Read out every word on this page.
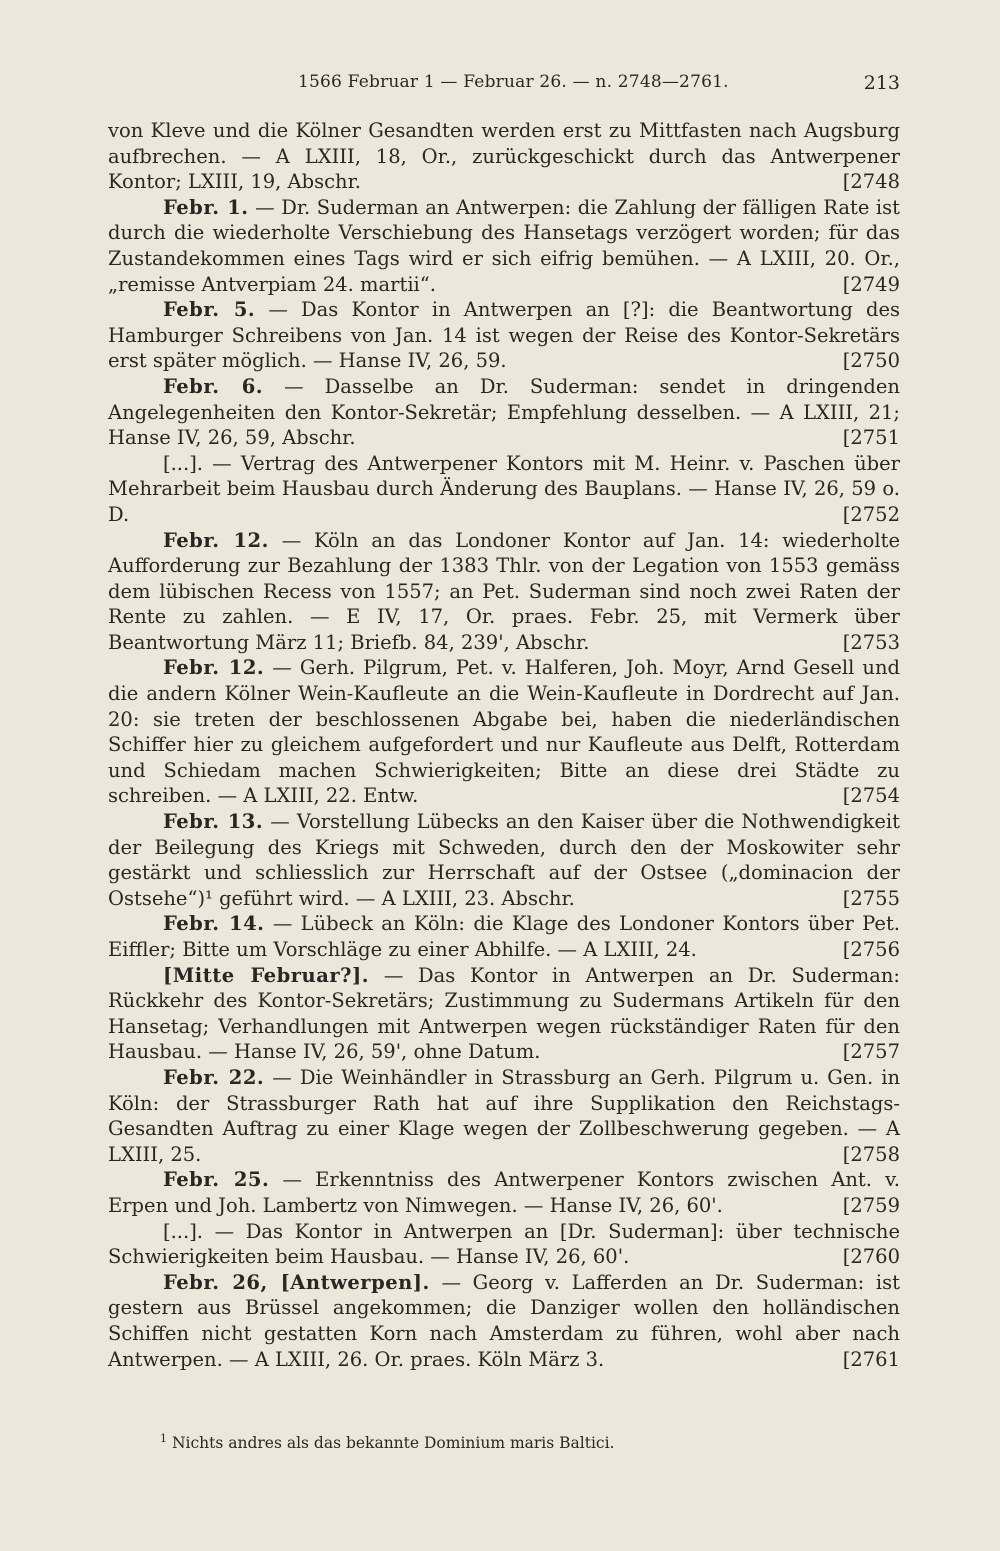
1566 Februar 1 — Februar 26. — n. 2748—2761.	213

von Kleve und die Kölner Gesandten werden erst zu Mittfasten nach Augsburg aufbrechen. — A LXIII, 18, Or., zurückgeschickt durch das Antwerpener Kontor; LXIII, 19, Abschr.	[2748

Febr. 1. — Dr. Suderman an Antwerpen: die Zahlung der fälligen Rate ist durch die wiederholte Verschiebung des Hansetags verzögert worden; für das Zustandekommen eines Tags wird er sich eifrig bemühen. — A LXIII, 20. Or., „remisse Antverpiam 24. martii“.	[2749

Febr. 5. — Das Kontor in Antwerpen an [?]: die Beantwortung des Hamburger Schreibens von Jan. 14 ist wegen der Reise des Kontor-Sekretärs erst später möglich. — Hanse IV, 26, 59.	[2750

Febr. 6. — Dasselbe an Dr. Suderman: sendet in dringenden Angelegenheiten den Kontor-Sekretär; Empfehlung desselben. — A LXIII, 21; Hanse IV, 26, 59, Abschr.	[2751

[...]. — Vertrag des Antwerpener Kontors mit M. Heinr. v. Paschen über Mehrarbeit beim Hausbau durch Änderung des Bauplans. — Hanse IV, 26, 59 o. D.	[2752

Febr. 12. — Köln an das Londoner Kontor auf Jan. 14: wiederholte Aufforderung zur Bezahlung der 1383 Thlr. von der Legation von 1553 gemäss dem lübischen Recess von 1557; an Pet. Suderman sind noch zwei Raten der Rente zu zahlen. — E IV, 17, Or. praes. Febr. 25, mit Vermerk über Beantwortung März 11; Briefb. 84, 239', Abschr.	[2753

Febr. 12. — Gerh. Pilgrum, Pet. v. Halferen, Joh. Moyr, Arnd Gesell und die andern Kölner Wein-Kaufleute an die Wein-Kaufleute in Dordrecht auf Jan. 20: sie treten der beschlossenen Abgabe bei, haben die niederländischen Schiffer hier zu gleichem aufgefordert und nur Kaufleute aus Delft, Rotterdam und Schiedam machen Schwierigkeiten; Bitte an diese drei Städte zu schreiben. — A LXIII, 22. Entw.	[2754

Febr. 13. — Vorstellung Lübecks an den Kaiser über die Nothwendigkeit der Beilegung des Kriegs mit Schweden, durch den der Moskowiter sehr gestärkt und schliesslich zur Herrschaft auf der Ostsee („dominacion der Ostsehe“)¹ geführt wird. — A LXIII, 23. Abschr.	[2755

Febr. 14. — Lübeck an Köln: die Klage des Londoner Kontors über Pet. Eiffler; Bitte um Vorschläge zu einer Abhilfe. — A LXIII, 24.	[2756

[Mitte Februar?]. — Das Kontor in Antwerpen an Dr. Suderman: Rückkehr des Kontor-Sekretärs; Zustimmung zu Sudermans Artikeln für den Hansetag; Verhandlungen mit Antwerpen wegen rückständiger Raten für den Hausbau. — Hanse IV, 26, 59', ohne Datum.	[2757

Febr. 22. — Die Weinhändler in Strassburg an Gerh. Pilgrum u. Gen. in Köln: der Strassburger Rath hat auf ihre Supplikation den Reichstags-Gesandten Auftrag zu einer Klage wegen der Zollbeschwerung gegeben. — A LXIII, 25.	[2758

Febr. 25. — Erkenntniss des Antwerpener Kontors zwischen Ant. v. Erpen und Joh. Lambertz von Nimwegen. — Hanse IV, 26, 60'.	[2759

[...]. — Das Kontor in Antwerpen an [Dr. Suderman]: über technische Schwierigkeiten beim Hausbau. — Hanse IV, 26, 60'.	[2760

Febr. 26, [Antwerpen]. — Georg v. Lafferden an Dr. Suderman: ist gestern aus Brüssel angekommen; die Danziger wollen den holländischen Schiffen nicht gestatten Korn nach Amsterdam zu führen, wohl aber nach Antwerpen. — A LXIII, 26. Or. praes. Köln März 3.	[2761

$^1$ Nichts andres als das bekannte Dominium maris Baltici.
